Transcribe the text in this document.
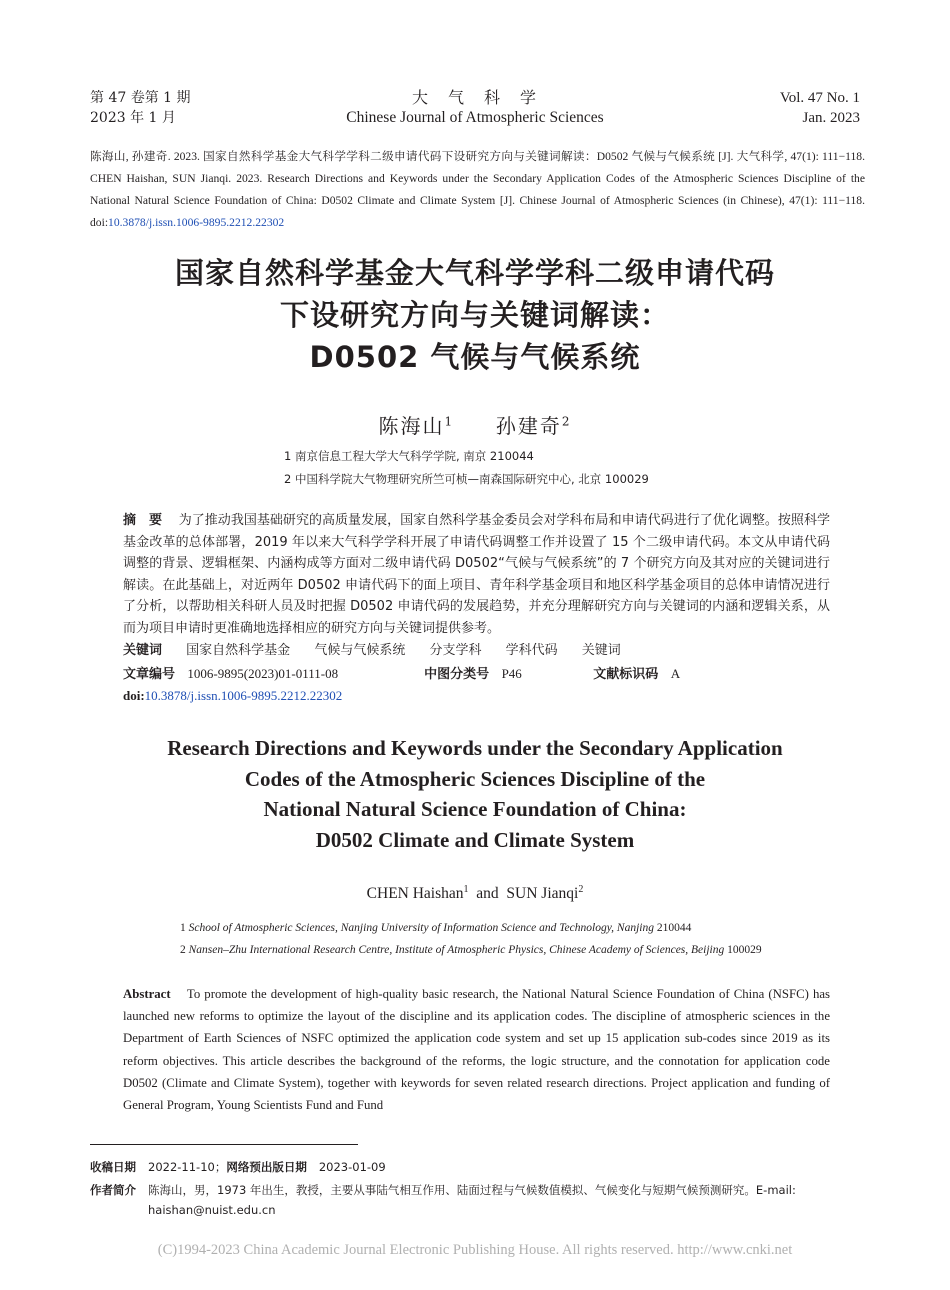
第 47 卷第 1 期
2023 年 1 月
大　气　科　学
Chinese Journal of Atmospheric Sciences
Vol. 47 No. 1
Jan. 2023
陈海山, 孙建奇. 2023. 国家自然科学基金大气科学学科二级申请代码下设研究方向与关键词解读：D0502 气候与气候系统 [J]. 大气科学, 47(1): 111−118. CHEN Haishan, SUN Jianqi. 2023. Research Directions and Keywords under the Secondary Application Codes of the Atmospheric Sciences Discipline of the National Natural Science Foundation of China: D0502 Climate and Climate System [J]. Chinese Journal of Atmospheric Sciences (in Chinese), 47(1): 111−118. doi:10.3878/j.issn.1006-9895.2212.22302
国家自然科学基金大气科学学科二级申请代码
下设研究方向与关键词解读：
D0502 气候与气候系统
陈海山$^1$ 孙建奇$^2$
1 南京信息工程大学大气科学学院, 南京 210044
2 中国科学院大气物理研究所竺可桢—南森国际研究中心, 北京 100029
摘　要 为了推动我国基础研究的高质量发展，国家自然科学基金委员会对学科布局和申请代码进行了优化调整。按照科学基金改革的总体部署，2019 年以来大气科学学科开展了申请代码调整工作并设置了 15 个二级申请代码。本文从申请代码调整的背景、逻辑框架、内涵构成等方面对二级申请代码 D0502“气候与气候系统”的 7 个研究方向及其对应的关键词进行解读。在此基础上，对近两年 D0502 申请代码下的面上项目、青年科学基金项目和地区科学基金项目的总体申请情况进行了分析，以帮助相关科研人员及时把握 D0502 申请代码的发展趋势，并充分理解研究方向与关键词的内涵和逻辑关系，从而为项目申请时更准确地选择相应的研究方向与关键词提供参考。
关键词 国家自然科学基金 气候与气候系统 分支学科 学科代码 关键词
文章编号 1006-9895(2023)01-0111-08	中图分类号 P46	文献标识码 A
doi:10.3878/j.issn.1006-9895.2212.22302
Research Directions and Keywords under the Secondary Application
Codes of the Atmospheric Sciences Discipline of the
National Natural Science Foundation of China:
D0502 Climate and Climate System
CHEN Haishan$^1$ and SUN Jianqi$^2$
1 School of Atmospheric Sciences, Nanjing University of Information Science and Technology, Nanjing 210044
2 Nansen–Zhu International Research Centre, Institute of Atmospheric Physics, Chinese Academy of Sciences, Beijing 100029
Abstract To promote the development of high-quality basic research, the National Natural Science Foundation of China (NSFC) has launched new reforms to optimize the layout of the discipline and its application codes. The discipline of atmospheric sciences in the Department of Earth Sciences of NSFC optimized the application code system and set up 15 application sub-codes since 2019 as its reform objectives. This article describes the background of the reforms, the logic structure, and the connotation for application code D0502 (Climate and Climate System), together with keywords for seven related research directions. Project application and funding of General Program, Young Scientists Fund and Fund
收稿日期 2022-11-10；网络预出版日期 2023-01-09
作者简介 陈海山，男，1973 年出生，教授，主要从事陆气相互作用、陆面过程与气候数值模拟、气候变化与短期气候预测研究。E-mail: haishan@nuist.edu.cn
(C)1994-2023 China Academic Journal Electronic Publishing House. All rights reserved. http://www.cnki.net
